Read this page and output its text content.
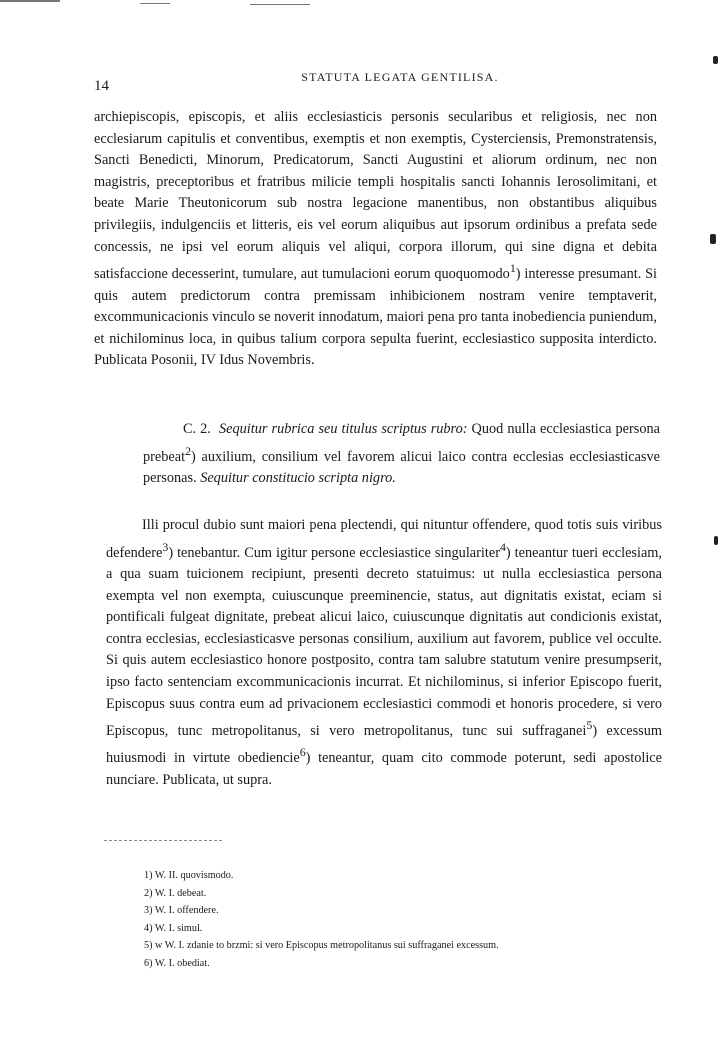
14
STATUTA LEGATA GENTILISA.

archiepiscopis, episcopis, et aliis ecclesiasticis personis secularibus et religiosis, nec non ecclesiarum capitulis et conventibus, exemptis et non exemptis, Cysterciensis, Premonstratensis, Sancti Benedicti, Minorum, Predicatorum, Sancti Augustini et aliorum ordinum, nec non magistris, preceptoribus et fratribus milicie templi hospitalis sancti Iohannis Ierosolimitani, et beate Marie Theutonicorum sub nostra legacione manentibus, non obstantibus aliquibus privilegiis, indulgenciis et litteris, eis vel eorum aliquibus aut ipsorum ordinibus a prefata sede concessis, ne ipsi vel eorum aliquis vel aliqui, corpora illorum, qui sine digna et debita satisfaccione decesserint, tumulare, aut tumulacioni eorum quoquomodo$^1$) interesse presumant. Si quis autem predictorum contra premissam inhibicionem nostram venire temptaverit, excommunicacionis vinculo se noverit innodatum, maiori pena pro tanta inobediencia puniendum, et nichilominus loca, in quibus talium corpora sepulta fuerint, ecclesiastico supposita interdicto. Publicata Posonii, IV Idus Novembris.

C. 2. Sequitur rubrica seu titulus scriptus rubro: Quod nulla ecclesiastica persona prebeat$^2$) auxilium, consilium vel favorem alicui laico contra ecclesias ecclesiasticasve personas. Sequitur constitucio scripta nigro.

Illi procul dubio sunt maiori pena plectendi, qui nituntur offendere, quod totis suis viribus defendere$^3$) tenebantur. Cum igitur persone ecclesiastice singulariter$^4$) teneantur tueri ecclesiam, a qua suam tuicionem recipiunt, presenti decreto statuimus: ut nulla ecclesiastica persona exempta vel non exempta, cuiuscunque preeminencie, status, aut dignitatis existat, eciam si pontificali fulgeat dignitate, prebeat alicui laico, cuiuscunque dignitatis aut condicionis existat, contra ecclesias, ecclesiasticasve personas consilium, auxilium aut favorem, publice vel occulte. Si quis autem ecclesiastico honore postposito, contra tam salubre statutum venire presumpserit, ipso facto sentenciam excommunicacionis incurrat. Et nichilominus, si inferior Episcopo fuerit, Episcopus suus contra eum ad privacionem ecclesiastici commodi et honoris procedere, si vero Episcopus, tunc metropolitanus, si vero metropolitanus, tunc sui suffraganei$^5$) excessum huiusmodi in virtute obediencie$^6$) teneantur, quam cito commode poterunt, sedi apostolice nunciare. Publicata, ut supra.

1) W. II. quovismodo.
2) W. I. debeat.
3) W. I. offendere.
4) W. I. simul.
5) w W. I. zdanie to brzmi: si vero Episcopus metropolitanus sui suffraganei excessum.
6) W. I. obediat.
